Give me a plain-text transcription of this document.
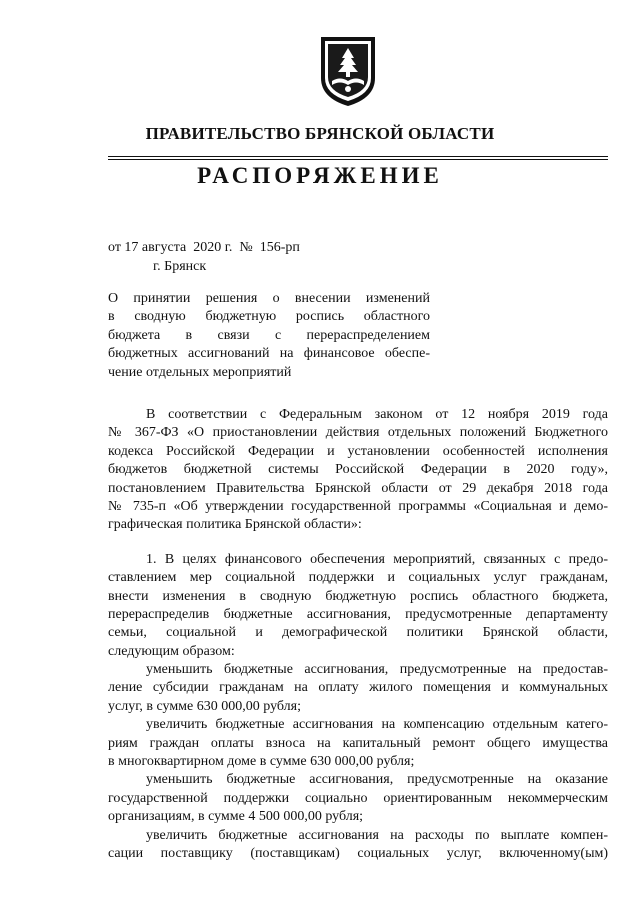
ПРАВИТЕЛЬСТВО БРЯНСКОЙ ОБЛАСТИ
РАСПОРЯЖЕНИЕ
от 17 августа  2020 г.  №  156-рп
г. Брянск
О принятии решения о внесении изменений
в сводную бюджетную роспись областного
бюджета в связи с перераспределением
бюджетных ассигнований на финансовое обеспе-
чение отдельных мероприятий
В соответствии с Федеральным законом от 12 ноября 2019 года
№ 367-ФЗ «О приостановлении действия отдельных положений Бюджетного
кодекса Российской Федерации и установлении особенностей исполнения
бюджетов бюджетной системы Российской Федерации в 2020 году»,
постановлением Правительства Брянской области от 29 декабря 2018 года
№ 735-п «Об утверждении государственной программы «Социальная и демо-
графическая политика Брянской области»:
1. В целях финансового обеспечения мероприятий, связанных с предо-
ставлением мер социальной поддержки и социальных услуг гражданам,
внести изменения в сводную бюджетную роспись областного бюджета,
перераспределив бюджетные ассигнования, предусмотренные департаменту
семьи, социальной и демографической политики Брянской области,
следующим образом:
уменьшить бюджетные ассигнования, предусмотренные на предостав-
ление субсидии гражданам на оплату жилого помещения и коммунальных
услуг, в сумме 630 000,00 рубля;
увеличить бюджетные ассигнования на компенсацию отдельным катего-
риям граждан оплаты взноса на капитальный ремонт общего имущества
в многоквартирном доме в сумме 630 000,00 рубля;
уменьшить бюджетные ассигнования, предусмотренные на оказание
государственной поддержки социально ориентированным некоммерческим
организациям, в сумме 4 500 000,00 рубля;
увеличить бюджетные ассигнования на расходы по выплате компен-
сации поставщику (поставщикам) социальных услуг, включенному(ым)
